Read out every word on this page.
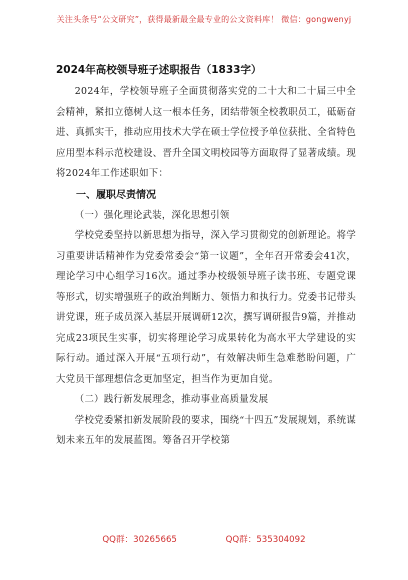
关注头条号“公文研究”，获得最新最全最专业的公文资料库！ 微信：gongwenyj

2024年高校领导班子述职报告（1833字）

2024年，学校领导班子全面贯彻落实党的二十大和二十届三中全会精神，紧扣立德树人这一根本任务，团结带领全校教职员工，砥砺奋进、真抓实干，推动应用技术大学在硕士学位授予单位获批、全省特色应用型本科示范校建设、晋升全国文明校园等方面取得了显著成绩。现将2024年工作述职如下：

一、履职尽责情况

（一）强化理论武装，深化思想引领

学校党委坚持以新思想为指导，深入学习贯彻党的创新理论。将学习重要讲话精神作为党委常委会“第一议题”，全年召开常委会41次，理论学习中心组学习16次。通过季办校级领导班子读书班、专题党课等形式，切实增强班子的政治判断力、领悟力和执行力。党委书记带头讲党课，班子成员深入基层开展调研12次，撰写调研报告9篇，并推动完成23项民生实事，切实将理论学习成果转化为高水平大学建设的实际行动。通过深入开展“五项行动”，有效解决师生急难愁盼问题，广大党员干部理想信念更加坚定，担当作为更加自觉。

（二）践行新发展理念，推动事业高质量发展

学校党委紧扣新发展阶段的要求，围绕“十四五”发展规划，系统谋划未来五年的发展蓝图。筹备召开学校第

QQ群：30265665	QQ群：535304092
